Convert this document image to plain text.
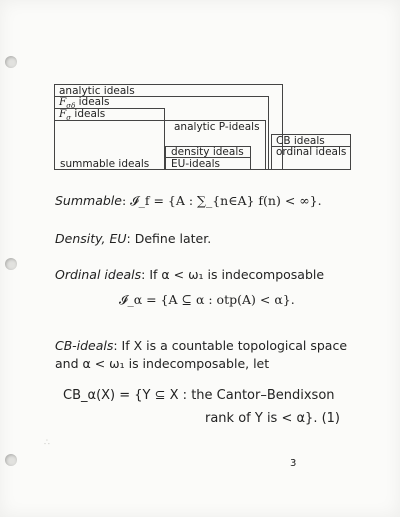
analytic ideals
$F_{\sigma\delta}$ ideals
$F_\sigma$ ideals
analytic P-ideals
CB ideals
ordinal ideals
density ideals
EU-ideals
summable ideals
Summable: 𝓘_f = {A : ∑_{n∈A} f(n) < ∞}.
Density, EU: Define later.
Ordinal ideals: If α < ω₁ is indecomposable
𝓘_α = {A ⊆ α : otp(A) < α}.
CB-ideals: If X is a countable topological space
and α < ω₁ is indecomposable, let
CB_α(X) = {Y ⊆ X : the Cantor–Bendixson
rank of Y is < α}. (1)
3
∴
